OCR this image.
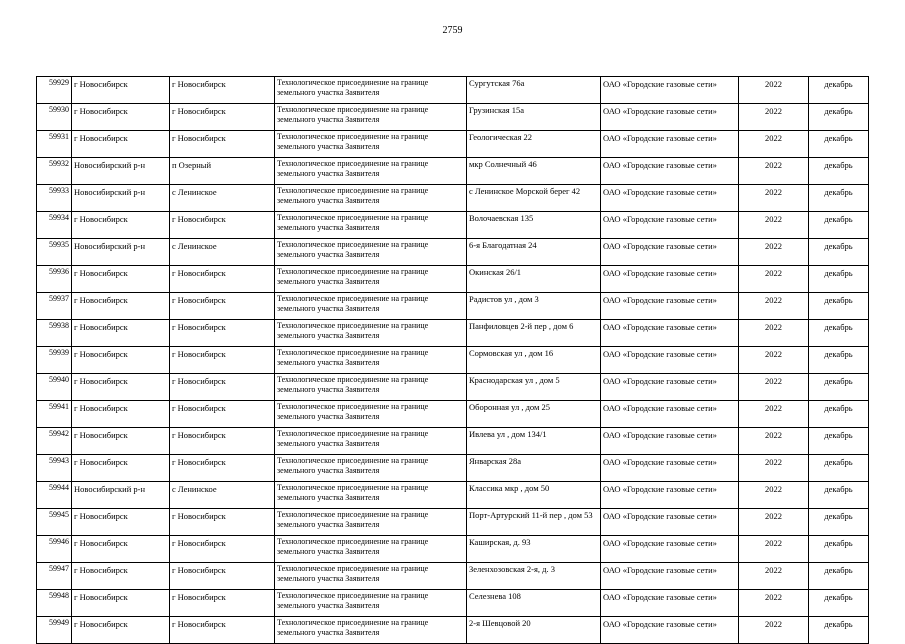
2759
59929	г Новосибирск	г Новосибирск	Технологическое присоединение на границе земельного участка Заявителя	Сургутская 76а	ОАО «Городские газовые сети»	2022	декабрь
59930	г Новосибирск	г Новосибирск	Технологическое присоединение на границе земельного участка Заявителя	Грузинская 15а	ОАО «Городские газовые сети»	2022	декабрь
59931	г Новосибирск	г Новосибирск	Технологическое присоединение на границе земельного участка Заявителя	Геологическая 22	ОАО «Городские газовые сети»	2022	декабрь
59932	Новосибирский р-н	п Озерный	Технологическое присоединение на границе земельного участка Заявителя	мкр Солнечный 46	ОАО «Городские газовые сети»	2022	декабрь
59933	Новосибирский р-н	с Ленинское	Технологическое присоединение на границе земельного участка Заявителя	с Ленинское Морской берег 42	ОАО «Городские газовые сети»	2022	декабрь
59934	г Новосибирск	г Новосибирск	Технологическое присоединение на границе земельного участка Заявителя	Волочаевская 135	ОАО «Городские газовые сети»	2022	декабрь
59935	Новосибирский р-н	с Ленинское	Технологическое присоединение на границе земельного участка Заявителя	6-я Благодатная 24	ОАО «Городские газовые сети»	2022	декабрь
59936	г Новосибирск	г Новосибирск	Технологическое присоединение на границе земельного участка Заявителя	Окинская 26/1	ОАО «Городские газовые сети»	2022	декабрь
59937	г Новосибирск	г Новосибирск	Технологическое присоединение на границе земельного участка Заявителя	Радистов ул , дом 3	ОАО «Городские газовые сети»	2022	декабрь
59938	г Новосибирск	г Новосибирск	Технологическое присоединение на границе земельного участка Заявителя	Панфиловцев 2-й пер , дом 6	ОАО «Городские газовые сети»	2022	декабрь
59939	г Новосибирск	г Новосибирск	Технологическое присоединение на границе земельного участка Заявителя	Сормовская ул , дом 16	ОАО «Городские газовые сети»	2022	декабрь
59940	г Новосибирск	г Новосибирск	Технологическое присоединение на границе земельного участка Заявителя	Краснодарская ул , дом 5	ОАО «Городские газовые сети»	2022	декабрь
59941	г Новосибирск	г Новосибирск	Технологическое присоединение на границе земельного участка Заявителя	Оборонная ул , дом 25	ОАО «Городские газовые сети»	2022	декабрь
59942	г Новосибирск	г Новосибирск	Технологическое присоединение на границе земельного участка Заявителя	Ивлева ул , дом 134/1	ОАО «Городские газовые сети»	2022	декабрь
59943	г Новосибирск	г Новосибирск	Технологическое присоединение на границе земельного участка Заявителя	Январская 28а	ОАО «Городские газовые сети»	2022	декабрь
59944	Новосибирский р-н	с Ленинское	Технологическое присоединение на границе земельного участка Заявителя	Классика мкр , дом 50	ОАО «Городские газовые сети»	2022	декабрь
59945	г Новосибирск	г Новосибирск	Технологическое присоединение на границе земельного участка Заявителя	Порт-Артурский 11-й пер , дом 53	ОАО «Городские газовые сети»	2022	декабрь
59946	г Новосибирск	г Новосибирск	Технологическое присоединение на границе земельного участка Заявителя	Каширская, д. 93	ОАО «Городские газовые сети»	2022	декабрь
59947	г Новосибирск	г Новосибирск	Технологическое присоединение на границе земельного участка Заявителя	Зеленхозовская 2-я, д. 3	ОАО «Городские газовые сети»	2022	декабрь
59948	г Новосибирск	г Новосибирск	Технологическое присоединение на границе земельного участка Заявителя	Селезнева 108	ОАО «Городские газовые сети»	2022	декабрь
59949	г Новосибирск	г Новосибирск	Технологическое присоединение на границе земельного участка Заявителя	2-я Шевцовой 20	ОАО «Городские газовые сети»	2022	декабрь
